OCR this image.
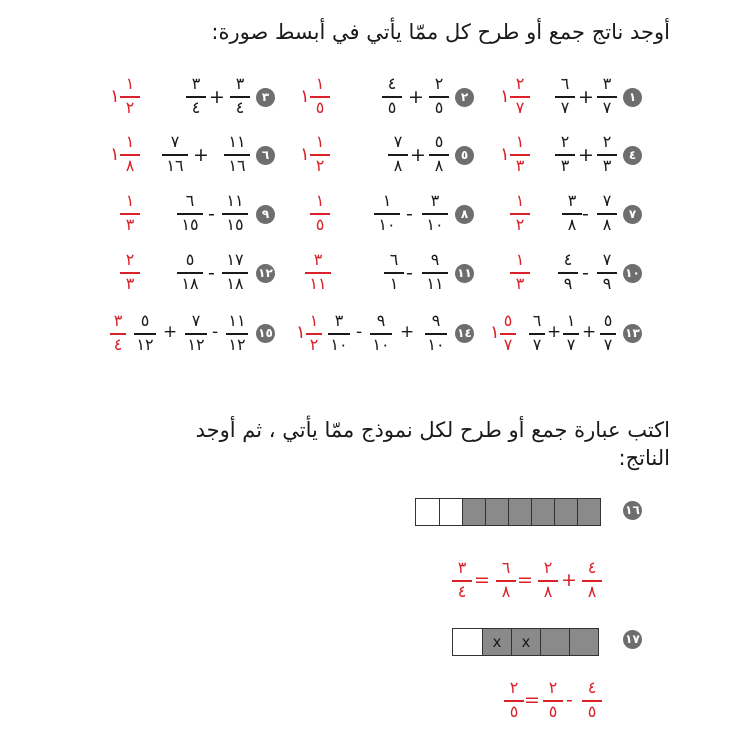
أوجد ناتج جمع أو طرح كل ممّا يأتي في أبسط صورة:
اكتب عبارة جمع أو طرح لكل نموذج ممّا يأتي ، ثم أوجد
الناتج:
١
٣
٧
+
٦
٧
١
٢
٧
٢
٢
٥
+
٤
٥
١
١
٥
٣
٣
٤
+
٣
٤
١
١
٢
٤
٢
٣
+
٢
٣
١
١
٣
٥
٥
٨
+
٧
٨
١
١
٢
٦
١١
١٦
+
٧
١٦
١
١
٨
٧
٧
٨
-
٣
٨
١
٢
٨
٣
١٠
-
١
١٠
١
٥
٩
١١
١٥
-
٦
١٥
١
٣
١٠
٧
٩
-
٤
٩
١
٣
١١
٩
١١
-
٦
١
٣
١١
١٢
١٧
١٨
-
٥
١٨
٢
٣
١٣
٥
٧
+
١
٧
+
٦
٧
١
٥
٧
١٤
٩
١٠
+
٩
١٠
-
٣
١٠
١
١
٢
١٥
١١
١٢
-
٧
١٢
+
٥
١٢
٣
٤
١٦
٤
٨
+
٢
٨
=
٦
٨
=
٣
٤
١٧
x	x
٤
٥
-
٢
٥
=
٢
٥
